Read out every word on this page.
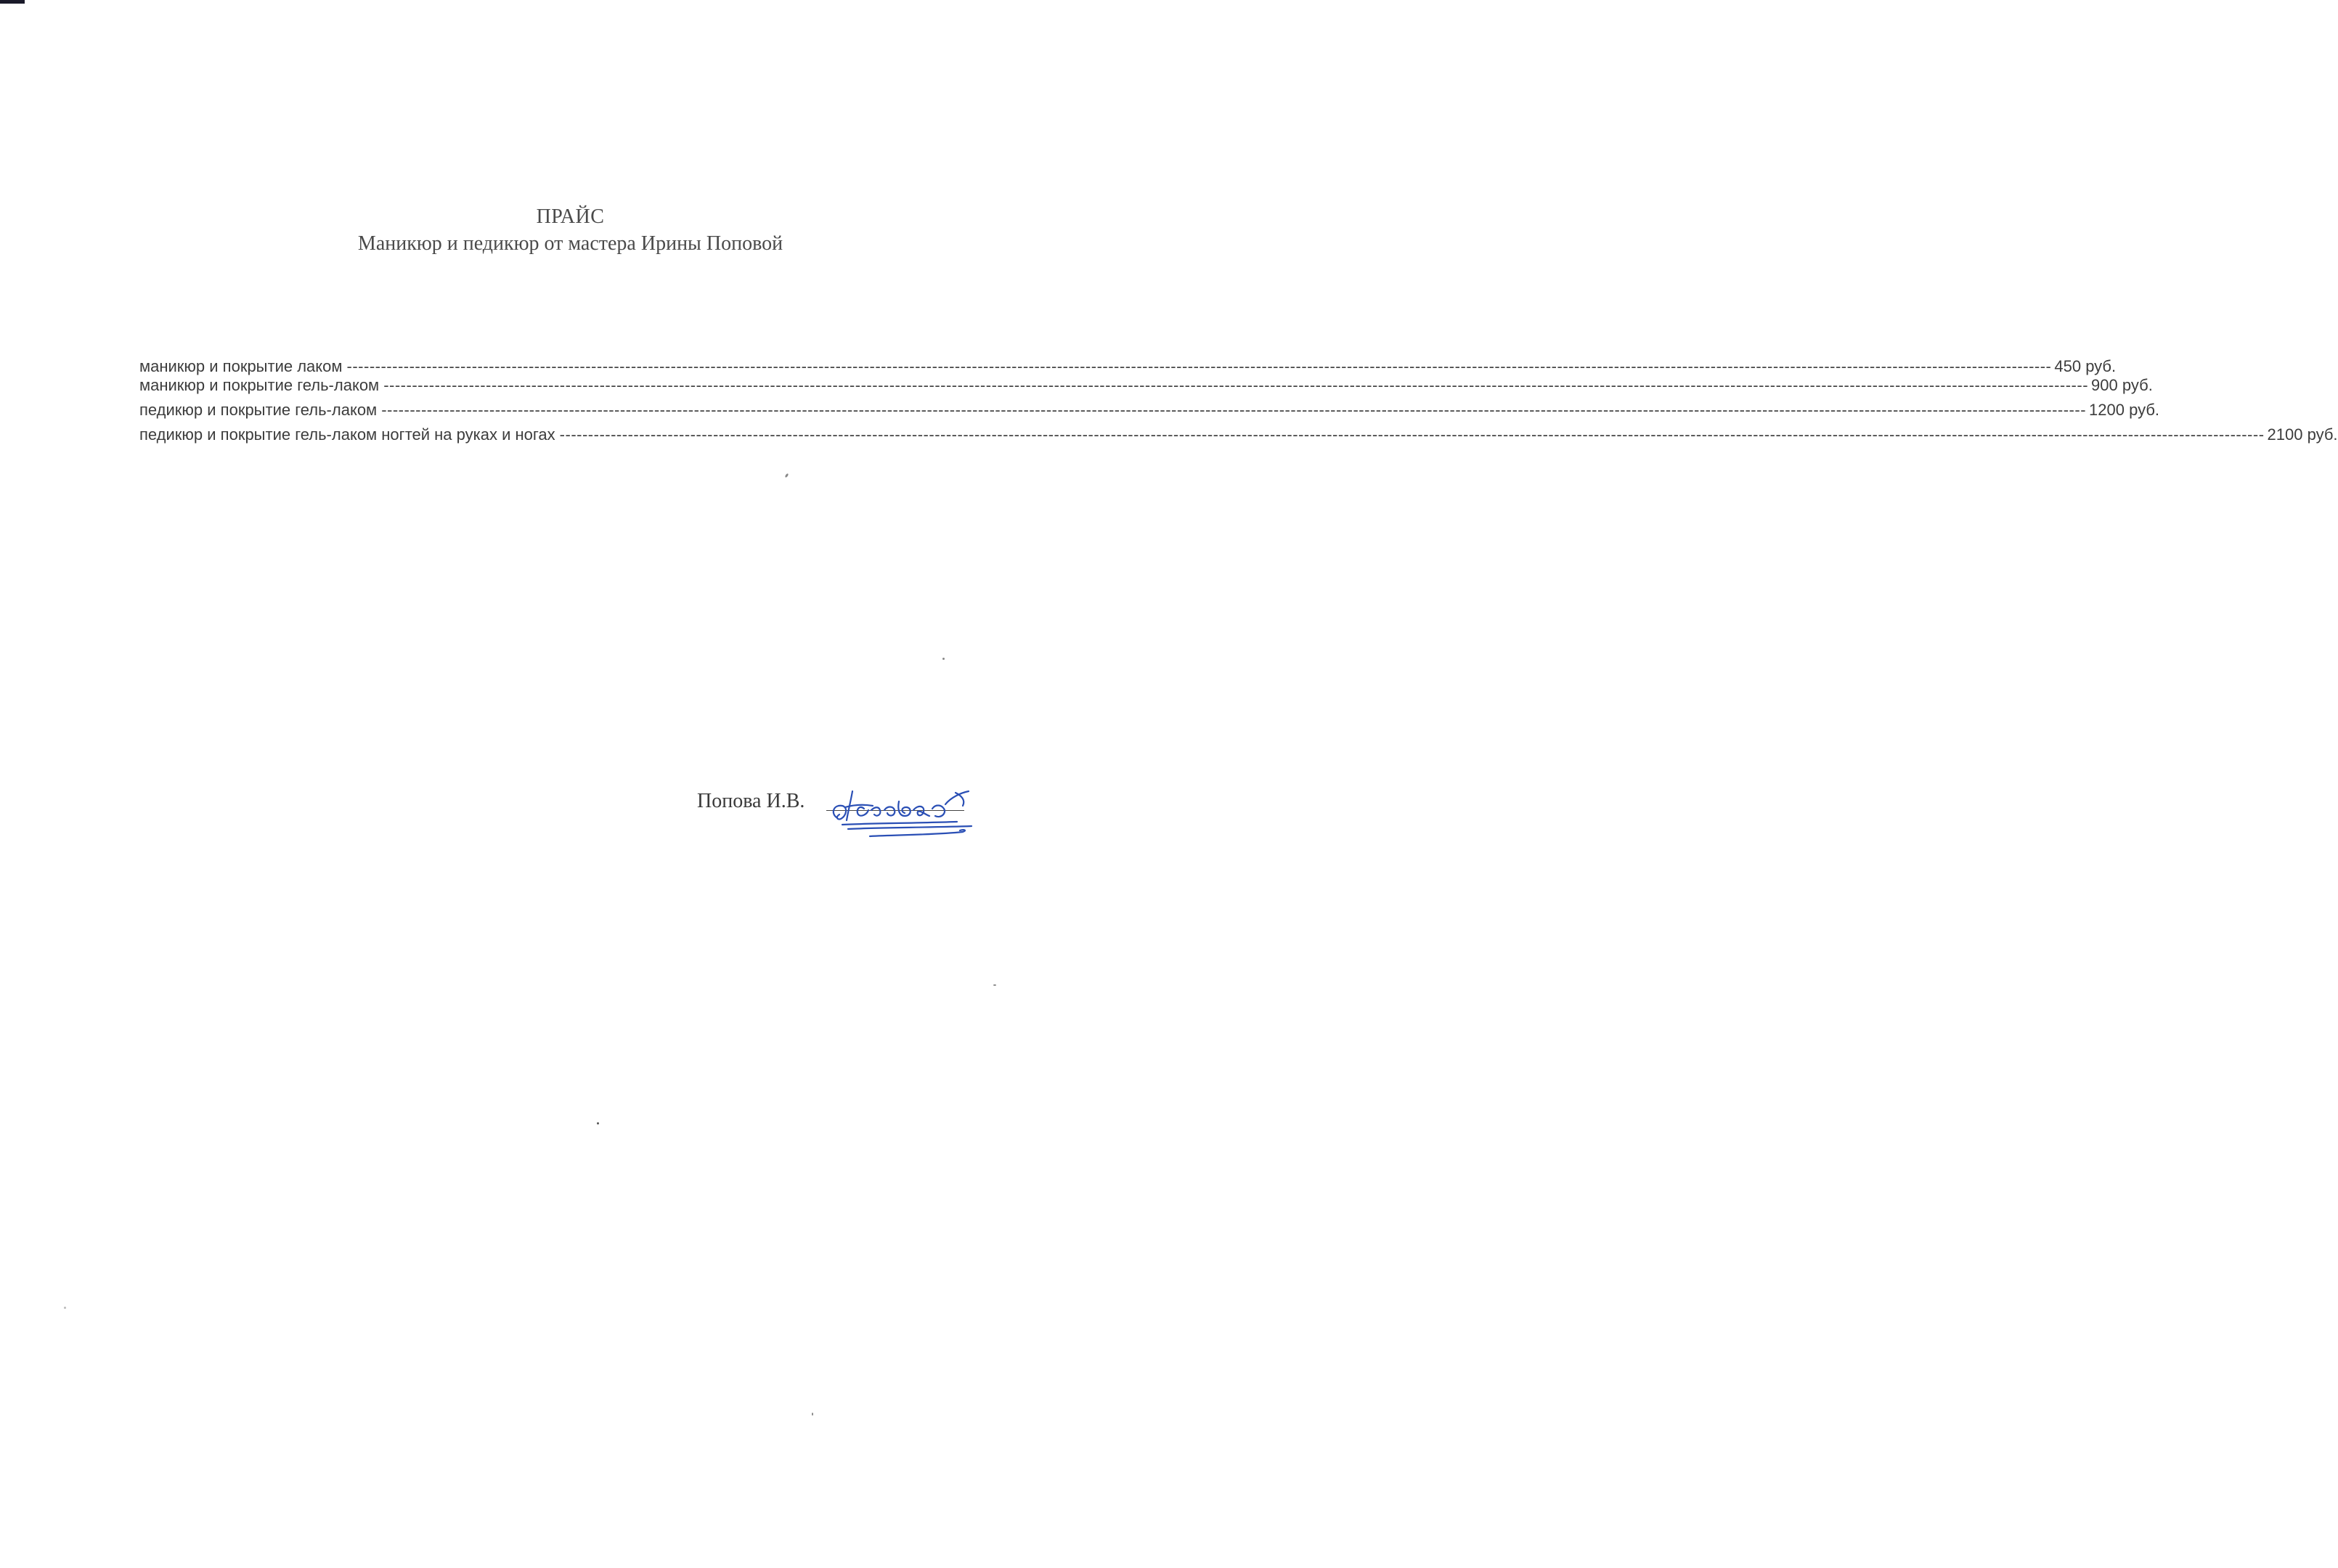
ПРАЙС
Маникюр и педикюр от мастера Ирины Поповой
маникюр и покрытие лаком ------------------------------------------------------------------------------------------------------------------------------------------------------------------------------------------------------------------------------------------------------------------------------------------------------------ 450 руб.
маникюр и покрытие гель-лаком ------------------------------------------------------------------------------------------------------------------------------------------------------------------------------------------------------------------------------------------------------------------------------------------------------------ 900 руб.
педикюр и покрытие гель-лаком ------------------------------------------------------------------------------------------------------------------------------------------------------------------------------------------------------------------------------------------------------------------------------------------------------------ 1200 руб.
педикюр и покрытие гель-лаком ногтей на руках и ногах ------------------------------------------------------------------------------------------------------------------------------------------------------------------------------------------------------------------------------------------------------------------------------------------------------------ 2100 руб.
Попова И.В.
